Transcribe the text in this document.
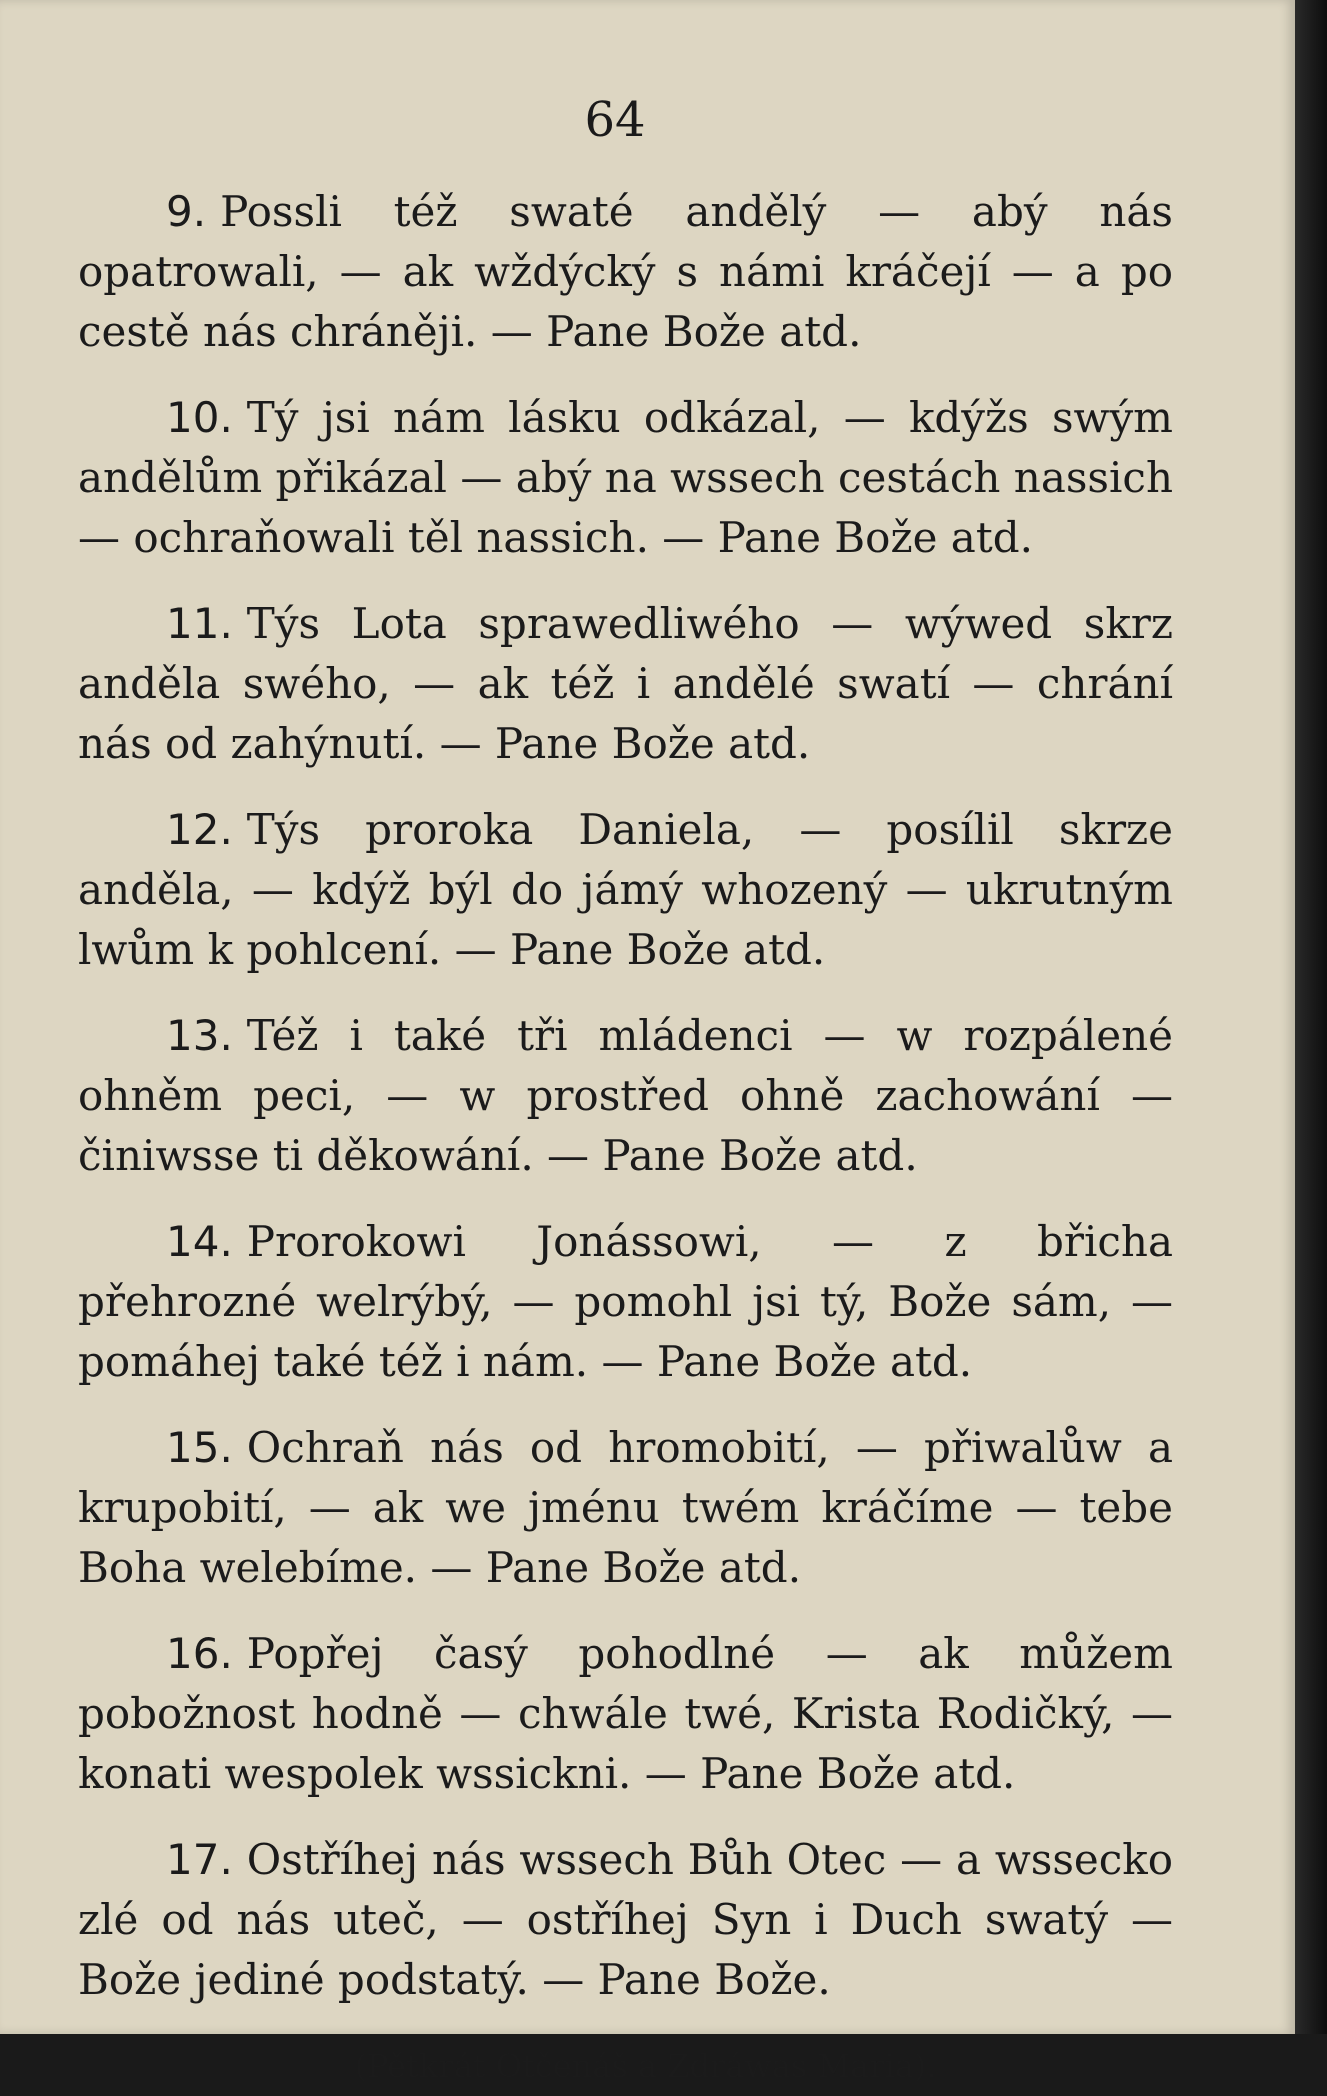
64

9. Possli též swaté andělý — abý nás opatrowali, — ak wždýcký s námi kráčejí — a po cestě nás chráněji. — Pane Bože atd.

10. Tý jsi nám lásku odkázal, — kdýžs swým andělům přikázal — abý na wssech cestách nassich — ochraňowali těl nassich. — Pane Bože atd.

11. Týs Lota sprawedliwého — wýwed skrz anděla swého, — ak též i andělé swatí — chrání nás od zahýnutí. — Pane Bože atd.

12. Týs proroka Daniela, — posílil skrze anděla, — kdýž býl do jámý whozený — ukrutným lwům k pohlcení. — Pane Bože atd.

13. Též i také tři mládenci — w rozpálené ohněm peci, — w prostřed ohně zachowání — činiwsse ti děkowání. — Pane Bože atd.

14. Prorokowi Jonássowi, — z břicha přehrozné welrýbý, — pomohl jsi tý, Bože sám, — pomáhej také též i nám. — Pane Bože atd.

15. Ochraň nás od hromobití, — přiwalůw a krupobití, — ak we jménu twém kráčíme — tebe Boha welebíme. — Pane Bože atd.

16. Popřej časý pohodlné — ak můžem pobožnost hodně — chwále twé, Krista Rodičký, — konati wespolek wssickni. — Pane Bože atd.

17. Ostříhej nás wssech Bůh Otec — a wssecko zlé od nás uteč, — ostříhej Syn i Duch swatý — Bože jediné podstatý. — Pane Bože.

(Pětkrát Otčenáš a Zdráwas Maria).
